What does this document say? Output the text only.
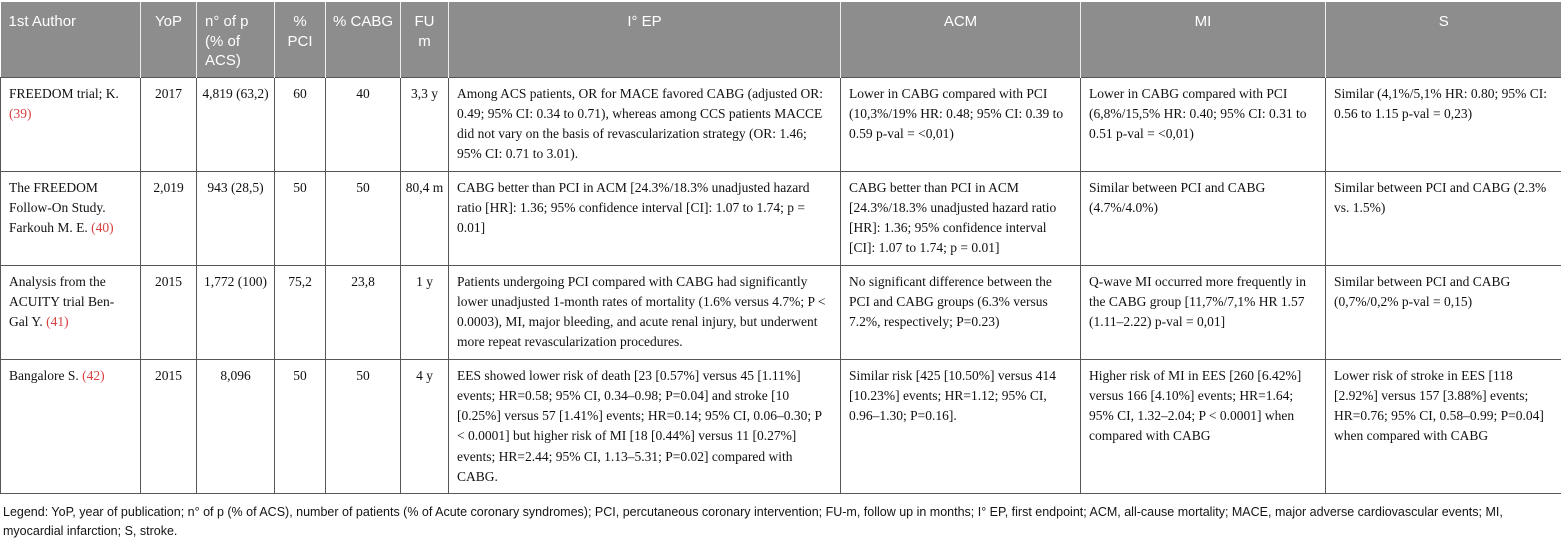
1st Author	YoP	n° of p (% of ACS)	% PCI	% CABG	FU m	I° EP	ACM	MI	S
FREEDOM trial; K. (39)	2017	4,819 (63,2)	60	40	3,3 y	Among ACS patients, OR for MACE favored CABG (adjusted OR: 0.49; 95% CI: 0.34 to 0.71), whereas among CCS patients MACCE did not vary on the basis of revascularization strategy (OR: 1.46; 95% CI: 0.71 to 3.01).	Lower in CABG compared with PCI (10,3%/19% HR: 0.48; 95% CI: 0.39 to 0.59 p-val = <0,01)	Lower in CABG compared with PCI (6,8%/15,5% HR: 0.40; 95% CI: 0.31 to 0.51 p-val = <0,01)	Similar (4,1%/5,1% HR: 0.80; 95% CI: 0.56 to 1.15 p-val = 0,23)
The FREEDOM Follow-On Study. Farkouh M. E. (40)	2,019	943 (28,5)	50	50	80,4 m	CABG better than PCI in ACM [24.3%/18.3% unadjusted hazard ratio [HR]: 1.36; 95% confidence interval [CI]: 1.07 to 1.74; p = 0.01]	CABG better than PCI in ACM [24.3%/18.3% unadjusted hazard ratio [HR]: 1.36; 95% confidence interval [CI]: 1.07 to 1.74; p = 0.01]	Similar between PCI and CABG (4.7%/4.0%)	Similar between PCI and CABG (2.3% vs. 1.5%)
Analysis from the ACUITY trial Ben-Gal Y. (41)	2015	1,772 (100)	75,2	23,8	1 y	Patients undergoing PCI compared with CABG had significantly lower unadjusted 1-month rates of mortality (1.6% versus 4.7%; P < 0.0003), MI, major bleeding, and acute renal injury, but underwent more repeat revascularization procedures.	No significant difference between the PCI and CABG groups (6.3% versus 7.2%, respectively; P=0.23)	Q-wave MI occurred more frequently in the CABG group [11,7%/7,1% HR 1.57 (1.11–2.22) p-val = 0,01]	Similar between PCI and CABG (0,7%/0,2% p-val = 0,15)
Bangalore S. (42)	2015	8,096	50	50	4 y	EES showed lower risk of death [23 [0.57%] versus 45 [1.11%] events; HR=0.58; 95% CI, 0.34–0.98; P=0.04] and stroke [10 [0.25%] versus 57 [1.41%] events; HR=0.14; 95% CI, 0.06–0.30; P < 0.0001] but higher risk of MI [18 [0.44%] versus 11 [0.27%] events; HR=2.44; 95% CI, 1.13–5.31; P=0.02] compared with CABG.	Similar risk [425 [10.50%] versus 414 [10.23%] events; HR=1.12; 95% CI, 0.96–1.30; P=0.16].	Higher risk of MI in EES [260 [6.42%] versus 166 [4.10%] events; HR=1.64; 95% CI, 1.32–2.04; P < 0.0001] when compared with CABG	Lower risk of stroke in EES [118 [2.92%] versus 157 [3.88%] events; HR=0.76; 95% CI, 0.58–0.99; P=0.04] when compared with CABG
Legend: YoP, year of publication; n° of p (% of ACS), number of patients (% of Acute coronary syndromes); PCI, percutaneous coronary intervention; FU-m, follow up in months; I° EP, first endpoint; ACM, all-cause mortality; MACE, major adverse cardiovascular events; MI, myocardial infarction; S, stroke.
